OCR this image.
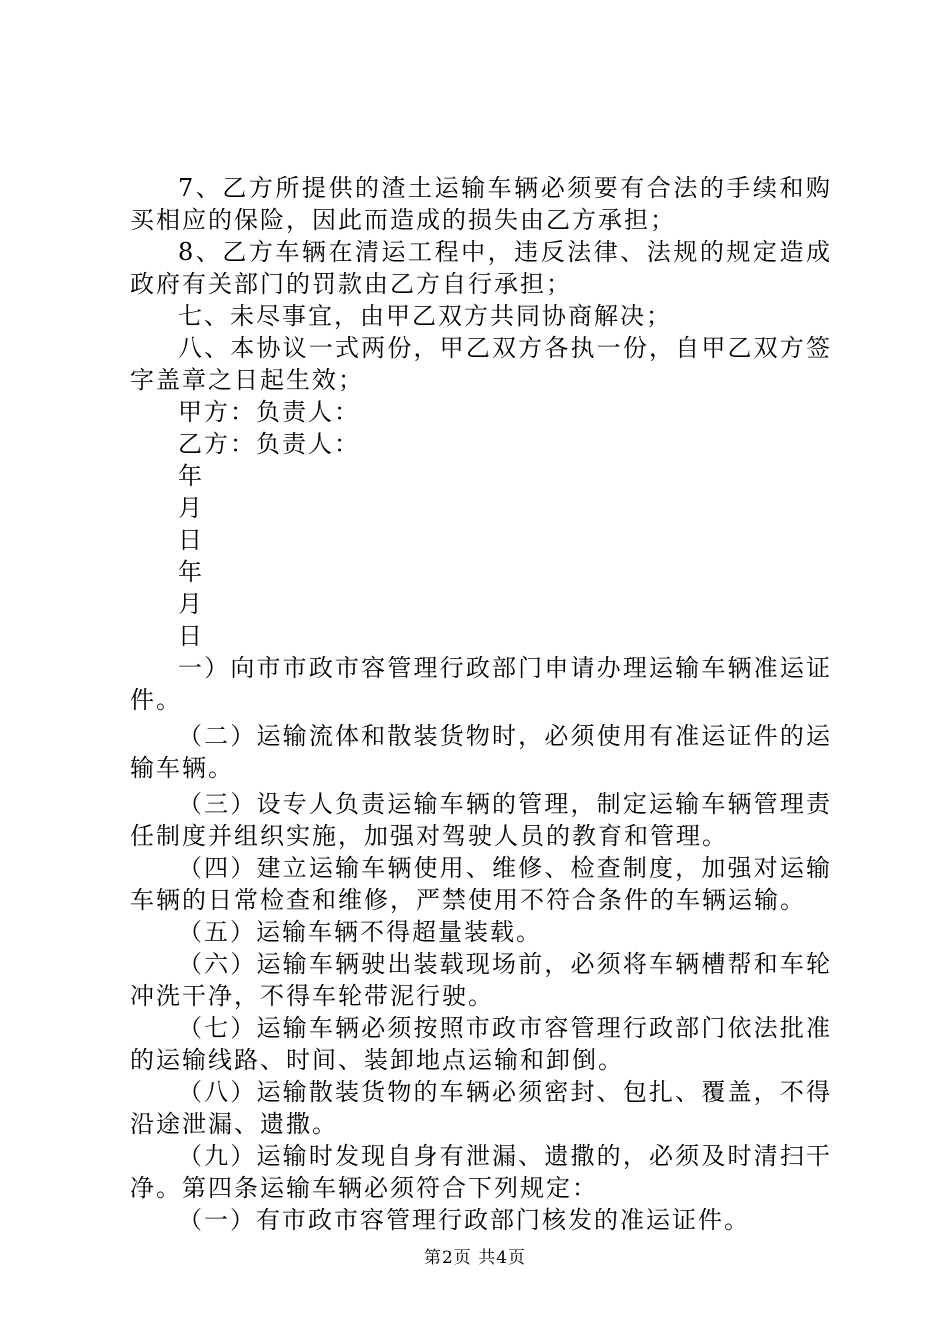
7、乙方所提供的渣土运输车辆必须要有合法的手续和购买相应的保险，因此而造成的损失由乙方承担；

8、乙方车辆在清运工程中，违反法律、法规的规定造成政府有关部门的罚款由乙方自行承担；

七、未尽事宜，由甲乙双方共同协商解决；

八、本协议一式两份，甲乙双方各执一份，自甲乙双方签字盖章之日起生效；

甲方：负责人：

乙方：负责人：

年

月

日

年

月

日

一）向市市政市容管理行政部门申请办理运输车辆准运证件。

（二）运输流体和散装货物时，必须使用有准运证件的运输车辆。

（三）设专人负责运输车辆的管理，制定运输车辆管理责任制度并组织实施，加强对驾驶人员的教育和管理。

（四）建立运输车辆使用、维修、检查制度，加强对运输车辆的日常检查和维修，严禁使用不符合条件的车辆运输。

（五）运输车辆不得超量装载。

（六）运输车辆驶出装载现场前，必须将车辆槽帮和车轮冲洗干净，不得车轮带泥行驶。

（七）运输车辆必须按照市政市容管理行政部门依法批准的运输线路、时间、装卸地点运输和卸倒。

（八）运输散装货物的车辆必须密封、包扎、覆盖，不得沿途泄漏、遗撒。

（九）运输时发现自身有泄漏、遗撒的，必须及时清扫干净。第四条运输车辆必须符合下列规定：

（一）有市政市容管理行政部门核发的准运证件。

第2页 共4页
